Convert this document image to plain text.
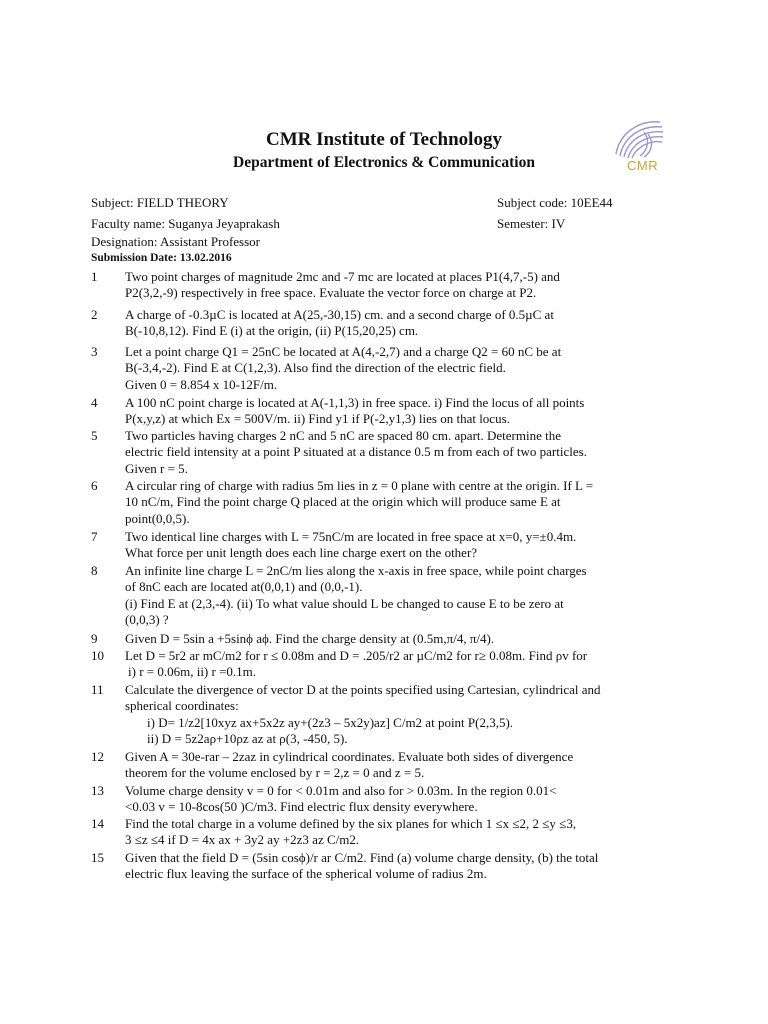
CMR Institute of Technology
Department of Electronics & Communication	CMR
Subject: FIELD THEORY
Faculty name: Suganya Jeyaprakash
Designation: Assistant Professor
Subject code: 10EE44
Semester: IV
Submission Date: 13.02.2016
1	Two point charges of magnitude 2mc and -7 mc are located at places P1(4,7,-5) and
P2(3,2,-9) respectively in free space. Evaluate the vector force on charge at P2.
2	A charge of -0.3µC is located at A(25,-30,15) cm. and a second charge of 0.5µC at
B(-10,8,12). Find E (i) at the origin, (ii) P(15,20,25) cm.
3	Let a point charge Q1 = 25nC be located at A(4,-2,7) and a charge Q2 = 60 nC be at
B(-3,4,-2). Find E at C(1,2,3). Also find the direction of the electric field.
Given 0 = 8.854 x 10-12F/m.
4	A 100 nC point charge is located at A(-1,1,3) in free space. i) Find the locus of all points
P(x,y,z) at which Ex = 500V/m. ii) Find y1 if P(-2,y1,3) lies on that locus.
5	Two particles having charges 2 nC and 5 nC are spaced 80 cm. apart. Determine the
electric field intensity at a point P situated at a distance 0.5 m from each of two particles.
Given r = 5.
6	A circular ring of charge with radius 5m lies in z = 0 plane with centre at the origin. If L =
10 nC/m, Find the point charge Q placed at the origin which will produce same E at
point(0,0,5).
7	Two identical line charges with L = 75nC/m are located in free space at x=0, y=±0.4m.
What force per unit length does each line charge exert on the other?
8	An infinite line charge L = 2nC/m lies along the x-axis in free space, while point charges
of 8nC each are located at(0,0,1) and (0,0,-1).
(i) Find E at (2,3,-4). (ii) To what value should L be changed to cause E to be zero at
(0,0,3) ?
9	Given D = 5sin a +5sinϕ aϕ. Find the charge density at (0.5m,π/4, π/4).
10	Let D = 5r2 ar mC/m2 for r ≤ 0.08m and D = .205/r2 ar µC/m2 for r≥ 0.08m. Find ρv for
i) r = 0.06m, ii) r =0.1m.
11	Calculate the divergence of vector D at the points specified using Cartesian, cylindrical and
spherical coordinates:
i) D= 1/z2[10xyz ax+5x2z ay+(2z3 – 5x2y)az] C/m2 at point P(2,3,5).
ii) D = 5z2aρ+10ρz az at ρ(3, -450, 5).
12	Given A = 30e-rar – 2zaz in cylindrical coordinates. Evaluate both sides of divergence
theorem for the volume enclosed by r = 2,z = 0 and z = 5.
13	Volume charge density v = 0 for < 0.01m and also for > 0.03m. In the region 0.01<
<0.03 v = 10-8cos(50 )C/m3. Find electric flux density everywhere.
14	Find the total charge in a volume defined by the six planes for which 1 ≤x ≤2, 2 ≤y ≤3,
3 ≤z ≤4 if D = 4x ax + 3y2 ay +2z3 az C/m2.
15	Given that the field D = (5sin cosϕ)/r ar C/m2. Find (a) volume charge density, (b) the total
electric flux leaving the surface of the spherical volume of radius 2m.
